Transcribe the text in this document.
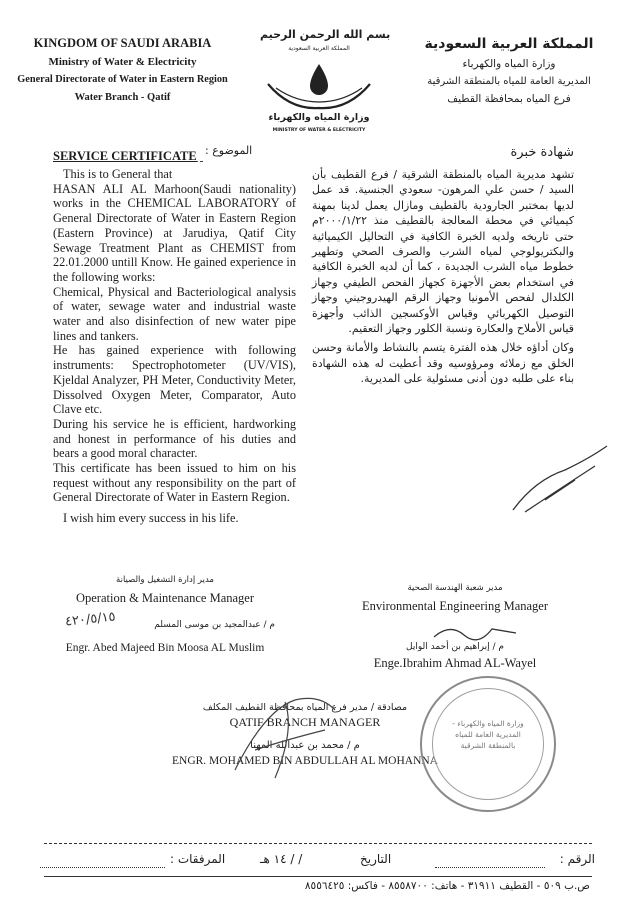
KINGDOM OF SAUDI ARABIA
Ministry of Water & Electricity
General Directorate of Water in Eastern Region
Water Branch - Qatif
بسم الله الرحمن الرحيم
المملكة العربية السعودية
وزارة المياه والكهرباء
MINISTRY OF WATER & ELECTRICITY
المملكة العربية السعودية
وزارة المياه والكهرباء
المديرية العامة للمياه بالمنطقة الشرقية
فرع المياه بمحافظة القطيف
الموضوع :
SERVICE CERTIFICATE

This is to General that

HASAN ALI AL Marhoon(Saudi nationality) works in the CHEMICAL LABORATORY of General Directorate of Water in Eastern Region (Eastern Province) at Jarudiya, Qatif City Sewage Treatment Plant as CHEMIST from 22.01.2000 untill Know. He gained experience in the following works:

Chemical, Physical and Bacteriological analysis of water, sewage water and industrial waste water and also disinfection of new water pipe lines and tankers.

He has gained experience with following instruments: Spectrophotometer (UV/VIS), Kjeldal Analyzer, PH Meter, Conductivity Meter, Dissolved Oxygen Meter, Comparator, Auto Clave etc.

During his service he is efficient, hardworking and honest in performance of his duties and bears a good moral character.

This certificate has been issued to him on his request without any responsibility on the part of General Directorate of Water in Eastern Region.

I wish him every success in his life.

شهادة خبرة

تشهد مديرية المياه بالمنطقة الشرقية / فرع القطيف بأن السيد / حسن علي المرهون- سعودي الجنسية. قد عمل لديها بمختبر الجارودية بالقطيف ومازال يعمل لدينا بمهنة كيميائي في محطة المعالجة بالقطيف منذ ٢٠٠٠/١/٢٢م حتى تاريخه ولديه الخبرة الكافية في التحاليل الكيميائية والبكتريولوجي لمياه الشرب والصرف الصحي وتطهير خطوط مياه الشرب الجديدة ، كما أن لديه الخبرة الكافية في استخدام بعض الأجهزة كجهاز الفحص الطيفي وجهاز الكلدال لفحص الأمونيا وجهاز الرقم الهيدروجيني وجهاز التوصيل الكهربائي وقياس الأوكسجين الذائب وأجهزة قياس الأملاح والعكارة ونسبة الكلور وجهاز التعقيم.

وكان أداؤه خلال هذه الفترة يتسم بالنشاط والأمانة وحسن الخلق مع زملائه ومرؤوسيه وقد أعطيت له هذه الشهادة بناء على طلبه دون أدنى مسئولية على المديرية.

مدير إدارة التشغيل والصيانة
Operation & Maintenance Manager
٤٢٠/٥/١٥	م / عبدالمجيد بن موسى المسلم
Engr. Abed Majeed Bin Moosa AL Muslim
مدير شعبة الهندسة الصحية
Environmental Engineering Manager
م / إبراهيم بن أحمد الوايل
Enge.Ibrahim Ahmad AL-Wayel
مصادقة / مدير فرع المياه بمحافظة القطيف المكلف
QATIF BRANCH MANAGER
م / محمد بن عبدالله المهنا
ENGR. MOHAMED BIN ABDULLAH AL MOHANNA
وزارة المياه والكهرباء - المديرية العامة للمياه بالمنطقة الشرقية
الرقم :
التاريخ
/ / ١٤ هـ
المرفقات :
ص.ب ٥٠٩ - القطيف ٣١٩١١ - هاتف: ٨٥٥٨٧٠٠ - فاكس: ٨٥٥٦٤٢٥
